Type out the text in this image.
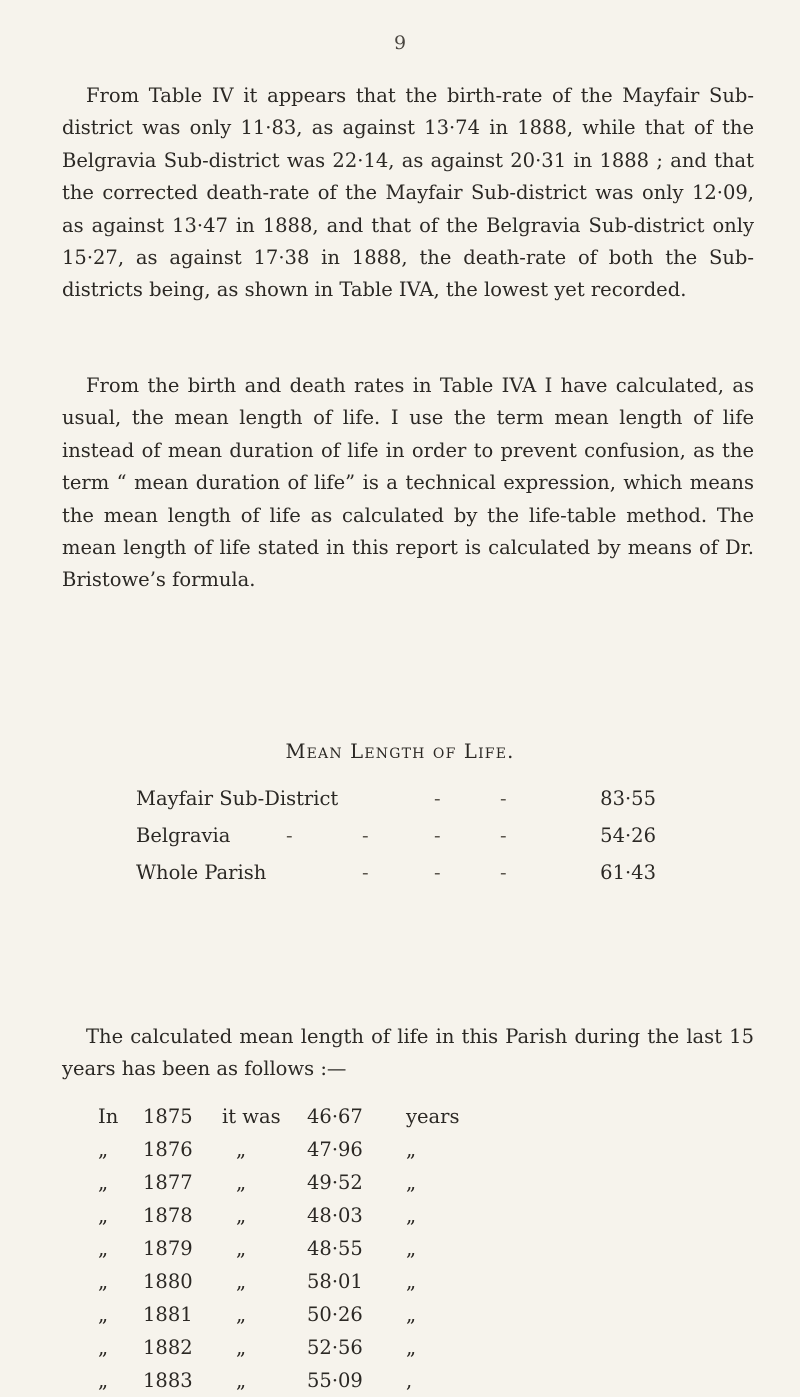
9

From Table IV it appears that the birth-rate of the Mayfair Sub-district was only 11·83, as against 13·74 in 1888, while that of the Belgravia Sub-district was 22·14, as against 20·31 in 1888 ; and that the corrected death-rate of the Mayfair Sub-district was only 12·09, as against 13·47 in 1888, and that of the Belgravia Sub-district only 15·27, as against 17·38 in 1888, the death-rate of both the Sub-districts being, as shown in Table IVA, the lowest yet recorded.

From the birth and death rates in Table IVA I have calculated, as usual, the mean length of life. I use the term mean length of life instead of mean duration of life in order to prevent confusion, as the term “ mean duration of life” is a technical expression, which means the mean length of life as calculated by the life-table method. The mean length of life stated in this report is calculated by means of Dr. Bristowe’s formula.

Mean Length of Life.
Mayfair Sub-District	-	-	83·55
Belgravia	-	-	-	-	54·26
Whole Parish	-	-	-	61·43

The calculated mean length of life in this Parish during the last 15 years has been as follows :—

In 1875 it was 46·67 years
„ 1876 „	47·96 „
„ 1877 „	49·52 „
„ 1878 „	48·03 „
„ 1879 „	48·55 „
„ 1880 „	58·01 „
„ 1881 „	50·26 „
„ 1882 „	52·56 „
„ 1883 „	55·09 ,
